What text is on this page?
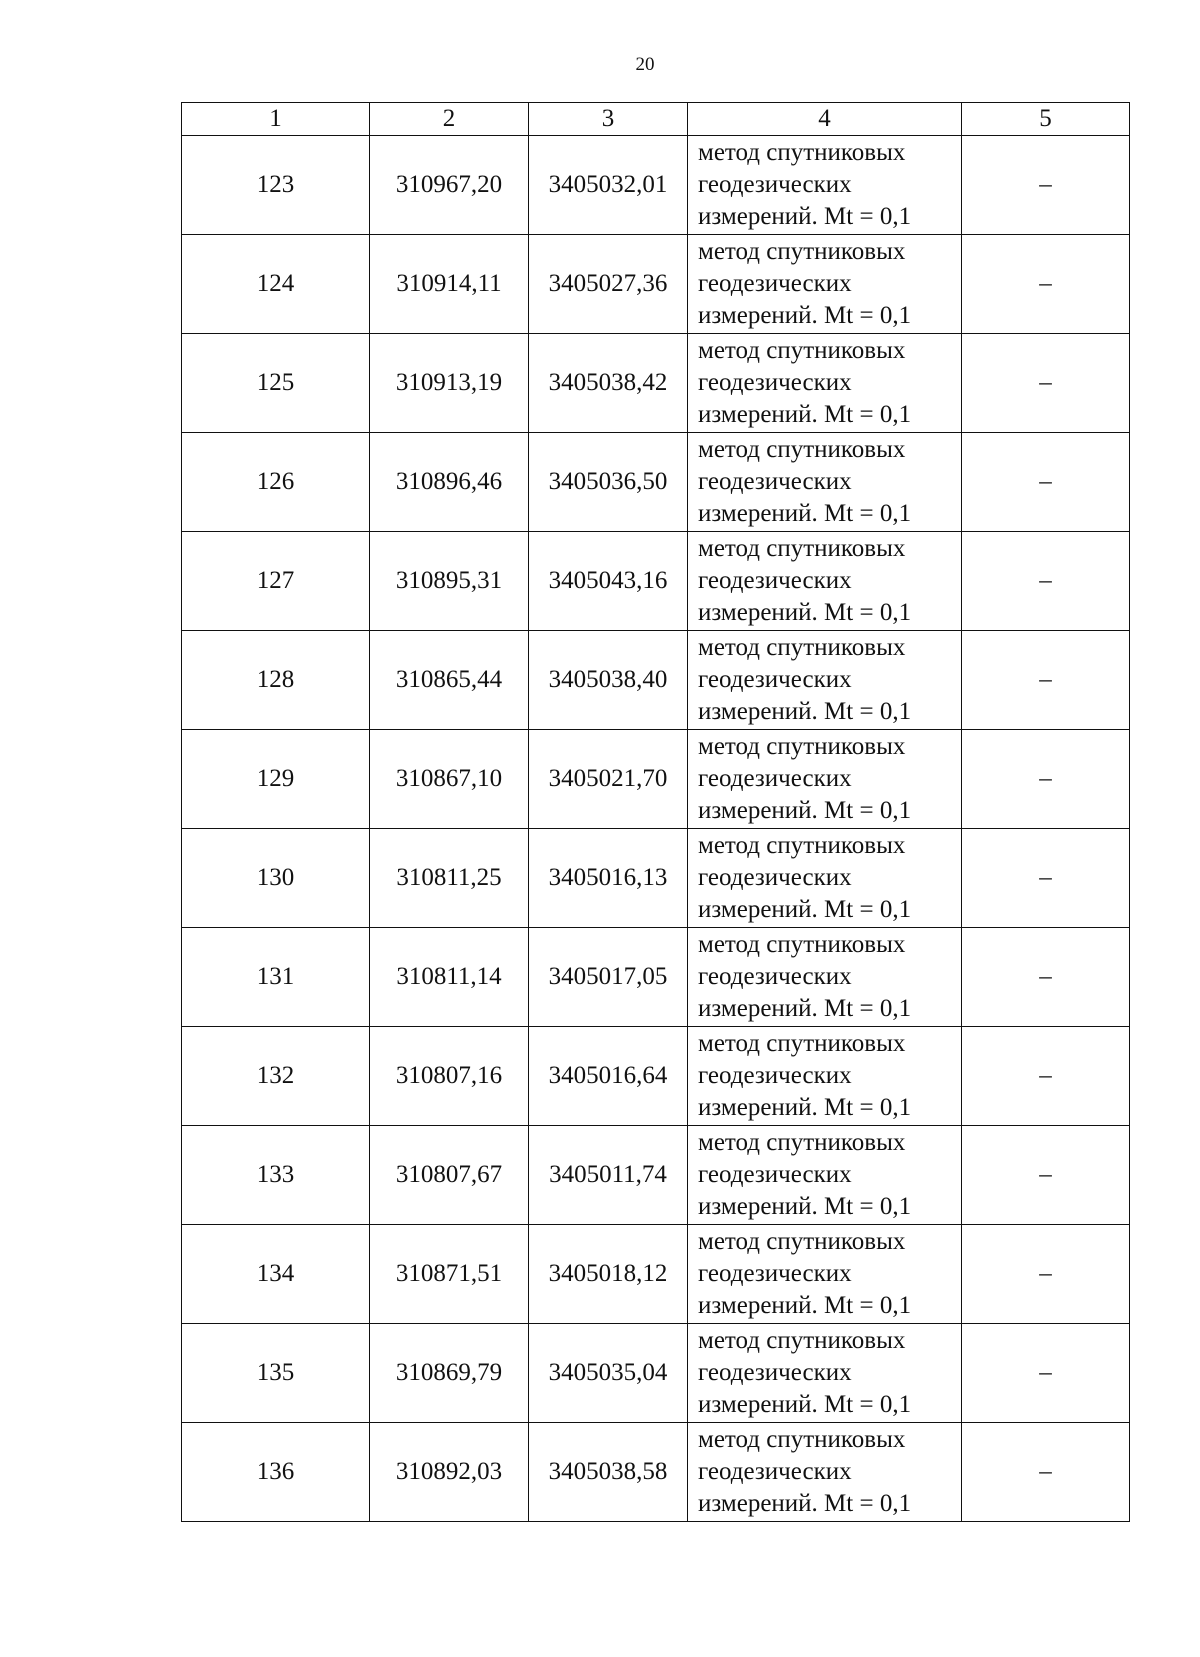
20
1	2	3	4	5
123	310967,20	3405032,01	метод спутниковых
геодезических
измерений. Mt = 0,1	–
124	310914,11	3405027,36	метод спутниковых
геодезических
измерений. Mt = 0,1	–
125	310913,19	3405038,42	метод спутниковых
геодезических
измерений. Mt = 0,1	–
126	310896,46	3405036,50	метод спутниковых
геодезических
измерений. Mt = 0,1	–
127	310895,31	3405043,16	метод спутниковых
геодезических
измерений. Mt = 0,1	–
128	310865,44	3405038,40	метод спутниковых
геодезических
измерений. Mt = 0,1	–
129	310867,10	3405021,70	метод спутниковых
геодезических
измерений. Mt = 0,1	–
130	310811,25	3405016,13	метод спутниковых
геодезических
измерений. Mt = 0,1	–
131	310811,14	3405017,05	метод спутниковых
геодезических
измерений. Mt = 0,1	–
132	310807,16	3405016,64	метод спутниковых
геодезических
измерений. Mt = 0,1	–
133	310807,67	3405011,74	метод спутниковых
геодезических
измерений. Mt = 0,1	–
134	310871,51	3405018,12	метод спутниковых
геодезических
измерений. Mt = 0,1	–
135	310869,79	3405035,04	метод спутниковых
геодезических
измерений. Mt = 0,1	–
136	310892,03	3405038,58	метод спутниковых
геодезических
измерений. Mt = 0,1	–
